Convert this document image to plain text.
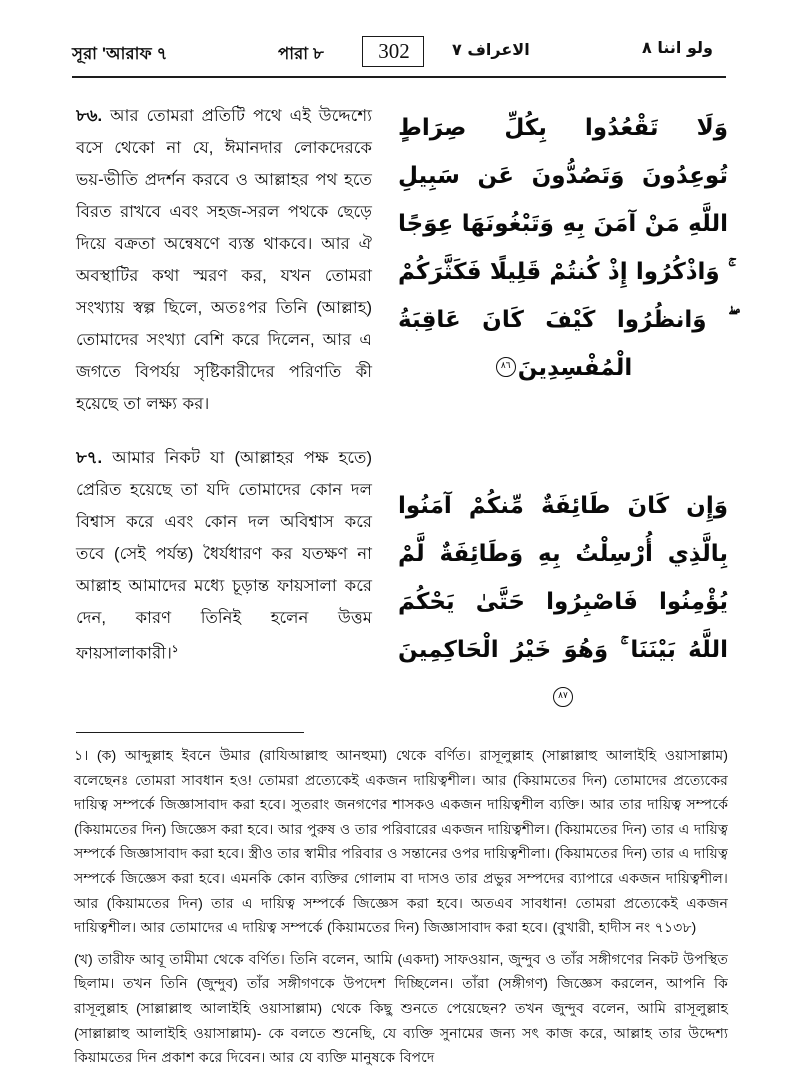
সূরা 'আরাফ ৭	পারা ৮	302	الاعراف ٧	ولو اننا ٨

৮৬. আর তোমরা প্রতিটি পথে এই উদ্দেশ্যে বসে থেকো না যে, ঈমানদার লোকদেরকে ভয়-ভীতি প্রদর্শন করবে ও আল্লাহর পথ হতে বিরত রাখবে এবং সহজ-সরল পথকে ছেড়ে দিয়ে বক্রতা অন্বেষণে ব্যস্ত থাকবে। আর ঐ অবস্থাটির কথা স্মরণ কর, যখন তোমরা সংখ্যায় স্বল্প ছিলে, অতঃপর তিনি (আল্লাহ) তোমাদের সংখ্যা বেশি করে দিলেন, আর এ জগতে বিপর্যয় সৃষ্টিকারীদের পরিণতি কী হয়েছে তা লক্ষ্য কর।

৮৭. আমার নিকট যা (আল্লাহর পক্ষ হতে) প্রেরিত হয়েছে তা যদি তোমাদের কোন দল বিশ্বাস করে এবং কোন দল অবিশ্বাস করে তবে (সেই পর্যন্ত) ধৈর্যধারণ কর যতক্ষণ না আল্লাহ আমাদের মধ্যে চূড়ান্ত ফায়সালা করে দেন, কারণ তিনিই হলেন উত্তম ফায়সালাকারী।$^১$

وَلَا تَقْعُدُوا بِكُلِّ صِرَاطٍ تُوعِدُونَ وَتَصُدُّونَ عَن سَبِيلِ اللَّهِ مَنْ آمَنَ بِهِ وَتَبْغُونَهَا عِوَجًا ۚ وَاذْكُرُوا إِذْ كُنتُمْ قَلِيلًا فَكَثَّرَكُمْ ۖ وَانظُرُوا كَيْفَ كَانَ عَاقِبَةُ الْمُفْسِدِينَ
٨٦

وَإِن كَانَ طَائِفَةٌ مِّنكُمْ آمَنُوا بِالَّذِي أُرْسِلْتُ بِهِ وَطَائِفَةٌ لَّمْ يُؤْمِنُوا فَاصْبِرُوا حَتَّىٰ يَحْكُمَ اللَّهُ بَيْنَنَا ۚ وَهُوَ خَيْرُ الْحَاكِمِينَ
٨٧

১। (ক) আব্দুল্লাহ ইবনে উমার (রাযিআল্লাহু আনহুমা) থেকে বর্ণিত। রাসূলুল্লাহ (সাল্লাল্লাহু আলাইহি ওয়াসাল্লাম) বলেছেনঃ তোমরা সাবধান হও! তোমরা প্রত্যেকেই একজন দায়িত্বশীল। আর (কিয়ামতের দিন) তোমাদের প্রত্যেকের দায়িত্ব সম্পর্কে জিজ্ঞাসাবাদ করা হবে। সুতরাং জনগণের শাসকও একজন দায়িত্বশীল ব্যক্তি। আর তার দায়িত্ব সম্পর্কে (কিয়ামতের দিন) জিজ্ঞেস করা হবে। আর পুরুষ ও তার পরিবারের একজন দায়িত্বশীল। (কিয়ামতের দিন) তার এ দায়িত্ব সম্পর্কে জিজ্ঞাসাবাদ করা হবে। স্ত্রীও তার স্বামীর পরিবার ও সন্তানের ওপর দায়িত্বশীলা। (কিয়ামতের দিন) তার এ দায়িত্ব সম্পর্কে জিজ্ঞেস করা হবে। এমনকি কোন ব্যক্তির গোলাম বা দাসও তার প্রভুর সম্পদের ব্যাপারে একজন দায়িত্বশীল। আর (কিয়ামতের দিন) তার এ দায়িত্ব সম্পর্কে জিজ্ঞেস করা হবে। অতএব সাবধান! তোমরা প্রত্যেকেই একজন দায়িত্বশীল। আর তোমাদের এ দায়িত্ব সম্পর্কে (কিয়ামতের দিন) জিজ্ঞাসাবাদ করা হবে। (বুখারী, হাদীস নং ৭১৩৮)

(খ) তারীফ আবূ তামীমা থেকে বর্ণিত। তিনি বলেন, আমি (একদা) সাফওয়ান, জুন্দুব ও তাঁর সঙ্গীগণের নিকট উপস্থিত ছিলাম। তখন তিনি (জুন্দুব) তাঁর সঙ্গীগণকে উপদেশ দিচ্ছিলেন। তাঁরা (সঙ্গীগণ) জিজ্ঞেস করলেন, আপনি কি রাসূলুল্লাহ (সাল্লাল্লাহু আলাইহি ওয়াসাল্লাম) থেকে কিছু শুনতে পেয়েছেন? তখন জুন্দুব বলেন, আমি রাসূলুল্লাহ (সাল্লাল্লাহু আলাইহি ওয়াসাল্লাম)- কে বলতে শুনেছি, যে ব্যক্তি সুনামের জন্য সৎ কাজ করে, আল্লাহ তার উদ্দেশ্য কিয়ামতের দিন প্রকাশ করে দিবেন। আর যে ব্যক্তি মানুষকে বিপদে
